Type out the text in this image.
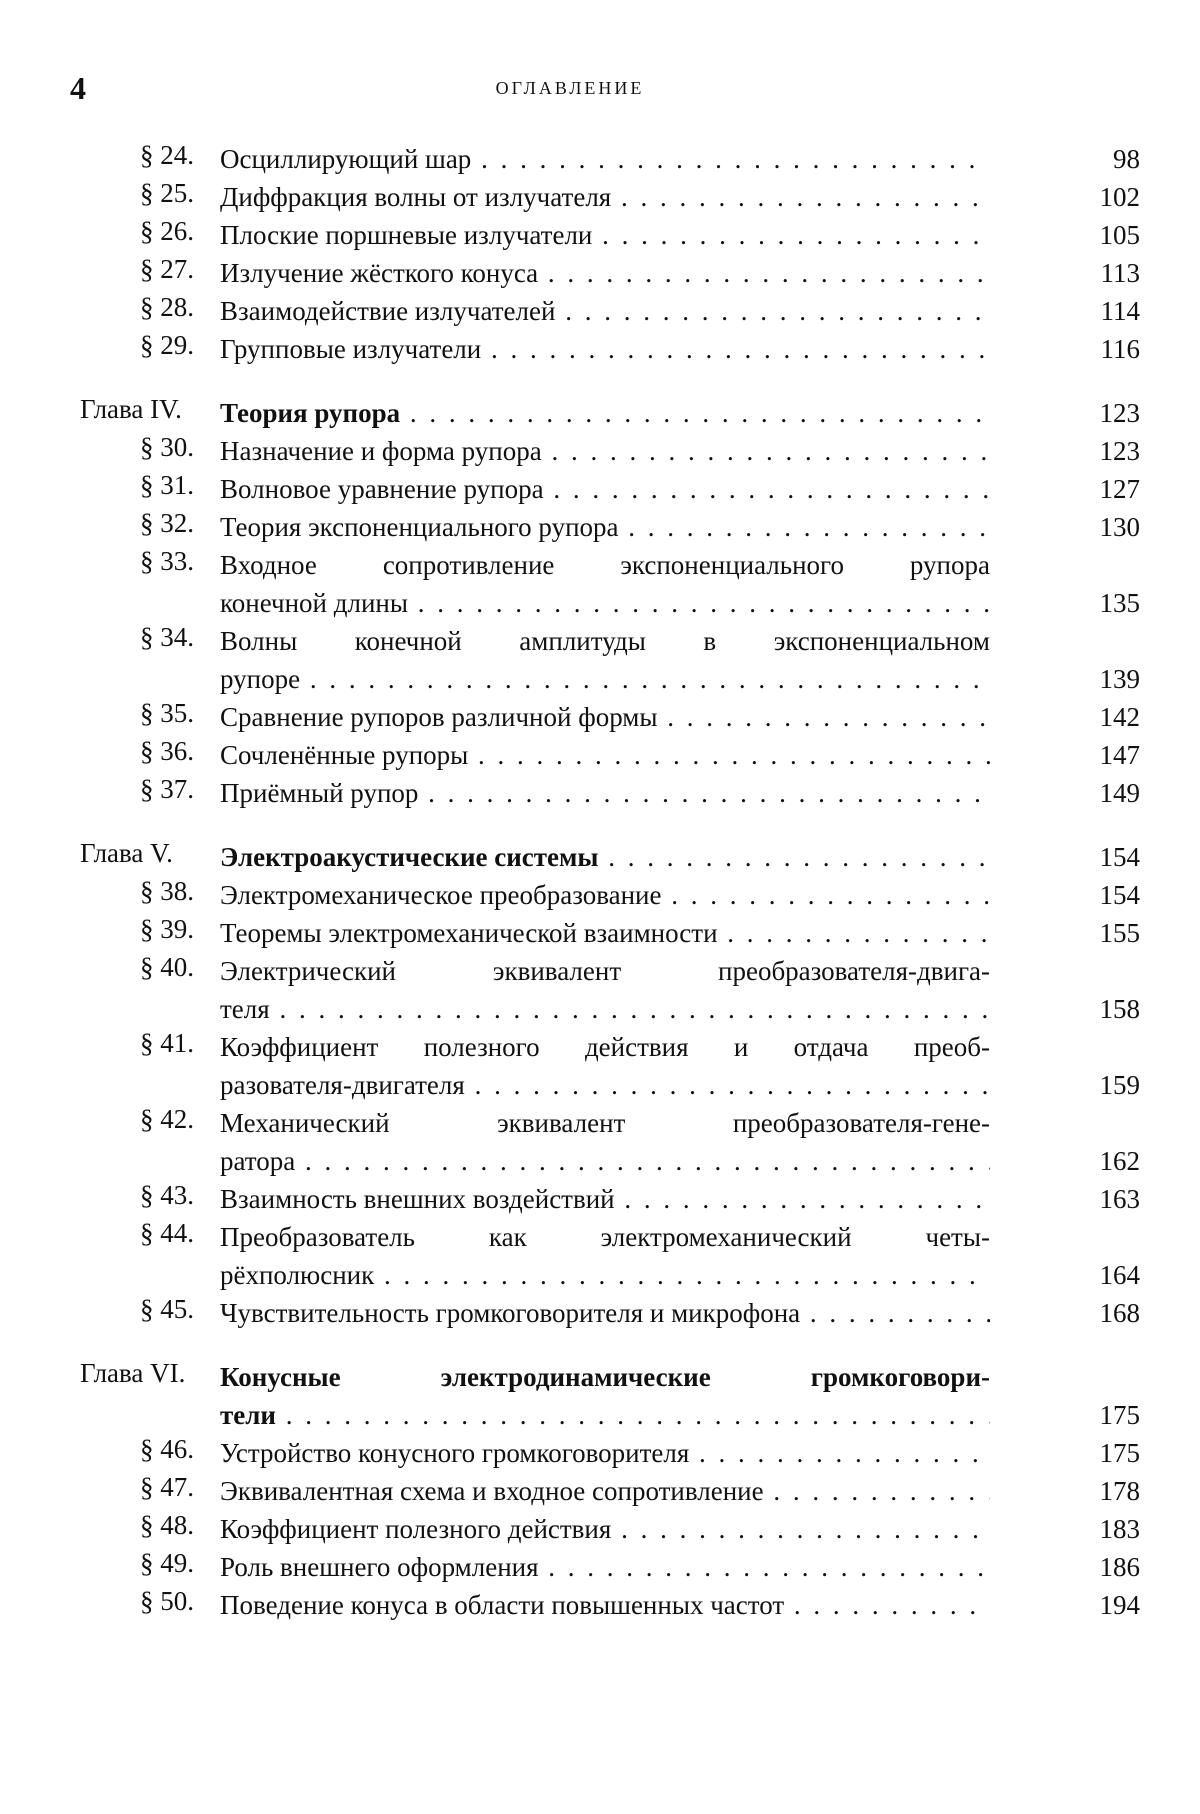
4	ОГЛАВЛЕНИЕ
§ 24. Осциллирующий шар . . .	98
§ 25. Диффракция волны от излучателя . . .	102
§ 26. Плоские поршневые излучатели . . .	105
§ 27. Излучение жёсткого конуса . . .	113
§ 28. Взаимодействие излучателей . . .	114
§ 29. Групповые излучатели . . .	116
Глава IV. Теория рупора . . .	123
§ 30. Назначение и форма рупора . . .	123
§ 31. Волновое уравнение рупора . . .	127
§ 32. Теория экспоненциального рупора . . .	130
§ 33. Входное сопротивление экспоненциального рупора
конечной длины . . .	135
§ 34. Волны конечной амплитуды в экспоненциальном
рупоре . . .	139
§ 35. Сравнение рупоров различной формы . . .	142
§ 36. Сочленённые рупоры . . .	147
§ 37. Приёмный рупор . . .	149
Глава V. Электроакустические системы . . .	154
§ 38. Электромеханическое преобразование . . .	154
§ 39. Теоремы электромеханической взаимности . . .	155
§ 40. Электрический эквивалент преобразователя-двига-
теля . . .	158
§ 41. Коэффициент полезного действия и отдача преоб-
разователя-двигателя . . .	159
§ 42. Механический эквивалент преобразователя-гене-
ратора . . .	162
§ 43. Взаимность внешних воздействий . . .	163
§ 44. Преобразователь как электромеханический четы-
рёхполюсник . . .	164
§ 45. Чувствительность громкоговорителя и микрофона . . .	168
Глава VI. Конусные электродинамические громкоговори-
тели . . .	175
§ 46. Устройство конусного громкоговорителя . . .	175
§ 47. Эквивалентная схема и входное сопротивление . . .	178
§ 48. Коэффициент полезного действия . . .	183
§ 49. Роль внешнего оформления . . .	186
§ 50. Поведение конуса в области повышенных частот . . .	194
